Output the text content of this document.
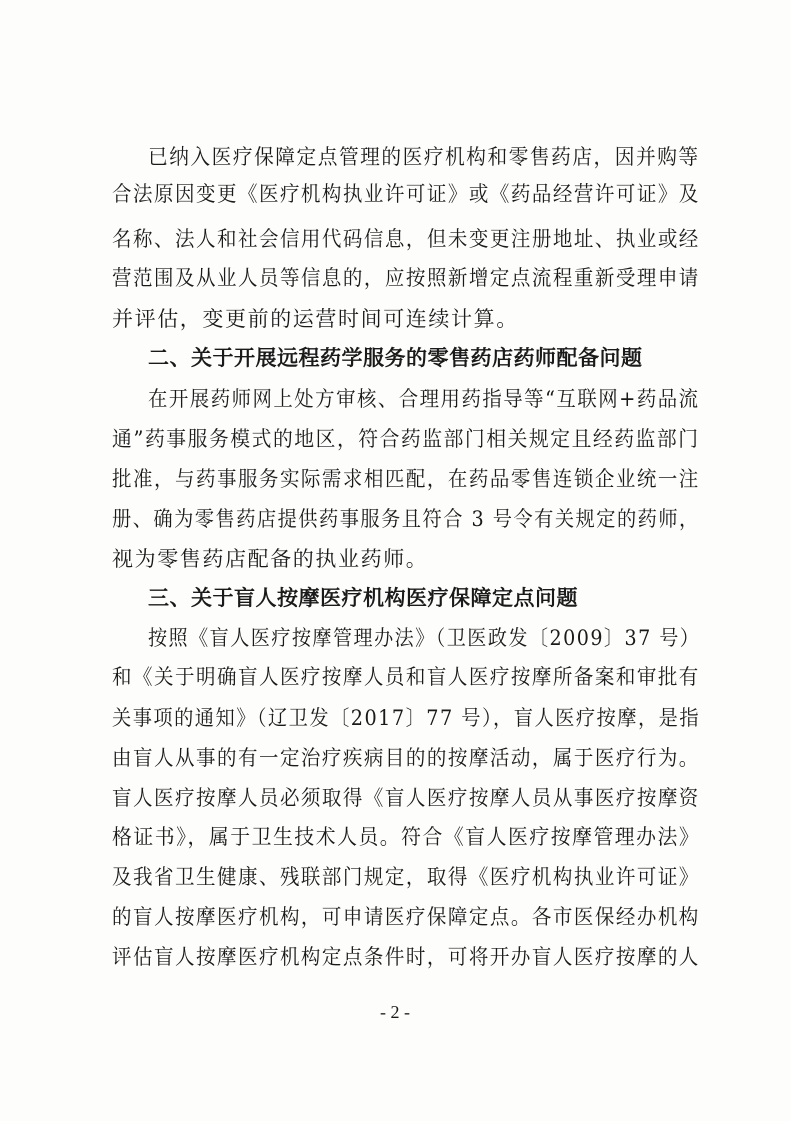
已纳入医疗保障定点管理的医疗机构和零售药店，因并购等
合法原因变更《医疗机构执业许可证》或《药品经营许可证》及
名称、法人和社会信用代码信息，但未变更注册地址、执业或经
营范围及从业人员等信息的，应按照新增定点流程重新受理申请
并评估，变更前的运营时间可连续计算。
二、关于开展远程药学服务的零售药店药师配备问题
在开展药师网上处方审核、合理用药指导等“互联网+药品流
通”药事服务模式的地区，符合药监部门相关规定且经药监部门
批准，与药事服务实际需求相匹配，在药品零售连锁企业统一注
册、确为零售药店提供药事服务且符合 3 号令有关规定的药师，
视为零售药店配备的执业药师。
三、关于盲人按摩医疗机构医疗保障定点问题
按照《盲人医疗按摩管理办法》（卫医政发〔2009〕37 号）
和《关于明确盲人医疗按摩人员和盲人医疗按摩所备案和审批有
关事项的通知》（辽卫发〔2017〕77 号），盲人医疗按摩，是指
由盲人从事的有一定治疗疾病目的的按摩活动，属于医疗行为。
盲人医疗按摩人员必须取得《盲人医疗按摩人员从事医疗按摩资
格证书》，属于卫生技术人员。符合《盲人医疗按摩管理办法》
及我省卫生健康、残联部门规定，取得《医疗机构执业许可证》
的盲人按摩医疗机构，可申请医疗保障定点。各市医保经办机构
评估盲人按摩医疗机构定点条件时，可将开办盲人医疗按摩的人
- 2 -
